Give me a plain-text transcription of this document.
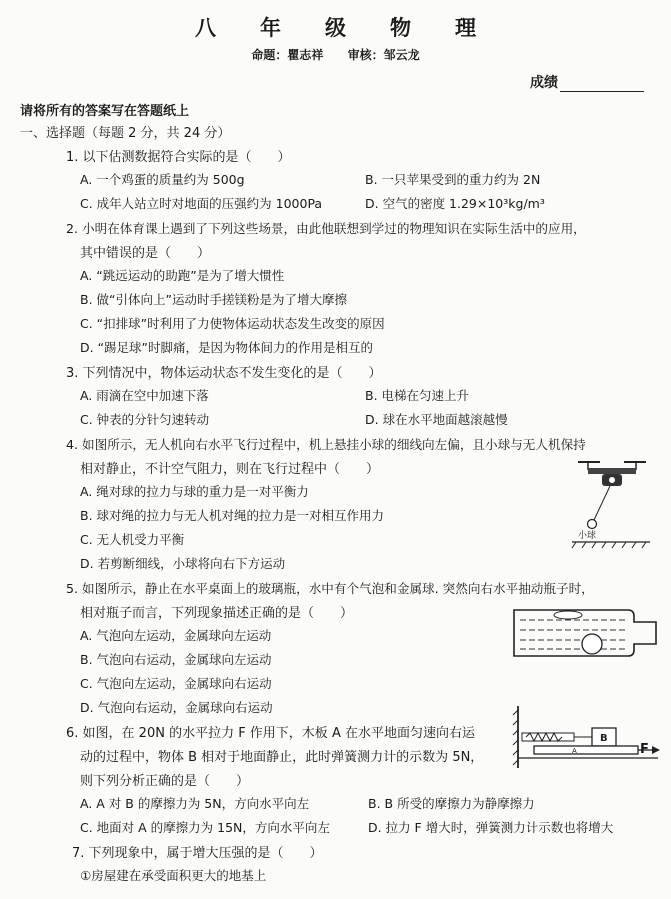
八年级物理
命题：瞿志祥 审核：邹云龙
成绩
请将所有的答案写在答题纸上
一、选择题（每题 2 分，共 24 分）
1. 以下估测数据符合实际的是（　　）
A. 一个鸡蛋的质量约为 500g	B. 一只苹果受到的重力约为 2N
C. 成年人站立时对地面的压强约为 1000Pa	D. 空气的密度 1.29×10³kg/m³
2. 小明在体育课上遇到了下列这些场景，由此他联想到学过的物理知识在实际生活中的应用，
其中错误的是（　　）
A. “跳远运动的助跑”是为了增大惯性
B. 做“引体向上”运动时手搓镁粉是为了增大摩擦
C. “扣排球”时利用了力使物体运动状态发生改变的原因
D. “踢足球”时脚痛，是因为物体间力的作用是相互的
3. 下列情况中，物体运动状态不发生变化的是（　　）
A. 雨滴在空中加速下落	B. 电梯在匀速上升
C. 钟表的分针匀速转动	D. 球在水平地面越滚越慢
4. 如图所示，无人机向右水平飞行过程中，机上悬挂小球的细线向左偏，且小球与无人机保持
相对静止，不计空气阻力，则在飞行过程中（　　）
A. 绳对球的拉力与球的重力是一对平衡力
B. 球对绳的拉力与无人机对绳的拉力是一对相互作用力
C. 无人机受力平衡
D. 若剪断细线，小球将向右下方运动
小球
5. 如图所示，静止在水平桌面上的玻璃瓶，水中有个气泡和金属球. 突然向右水平抽动瓶子时，
相对瓶子而言，下列现象描述正确的是（　　）
A. 气泡向左运动，金属球向左运动
B. 气泡向右运动，金属球向左运动
C. 气泡向左运动，金属球向右运动
D. 气泡向右运动，金属球向右运动
6. 如图，在 20N 的水平拉力 F 作用下，木板 A 在水平地面匀速向右运
动的过程中，物体 B 相对于地面静止，此时弹簧测力计的示数为 5N，
则下列分析正确的是（　　）
A. A 对 B 的摩擦力为 5N，方向水平向左	B. B 所受的摩擦力为静摩擦力
C. 地面对 A 的摩擦力为 15N，方向水平向左	D. 拉力 F 增大时，弹簧测力计示数也将增大
B
A	F
7. 下列现象中，属于增大压强的是（　　）
①房屋建在承受面积更大的地基上
